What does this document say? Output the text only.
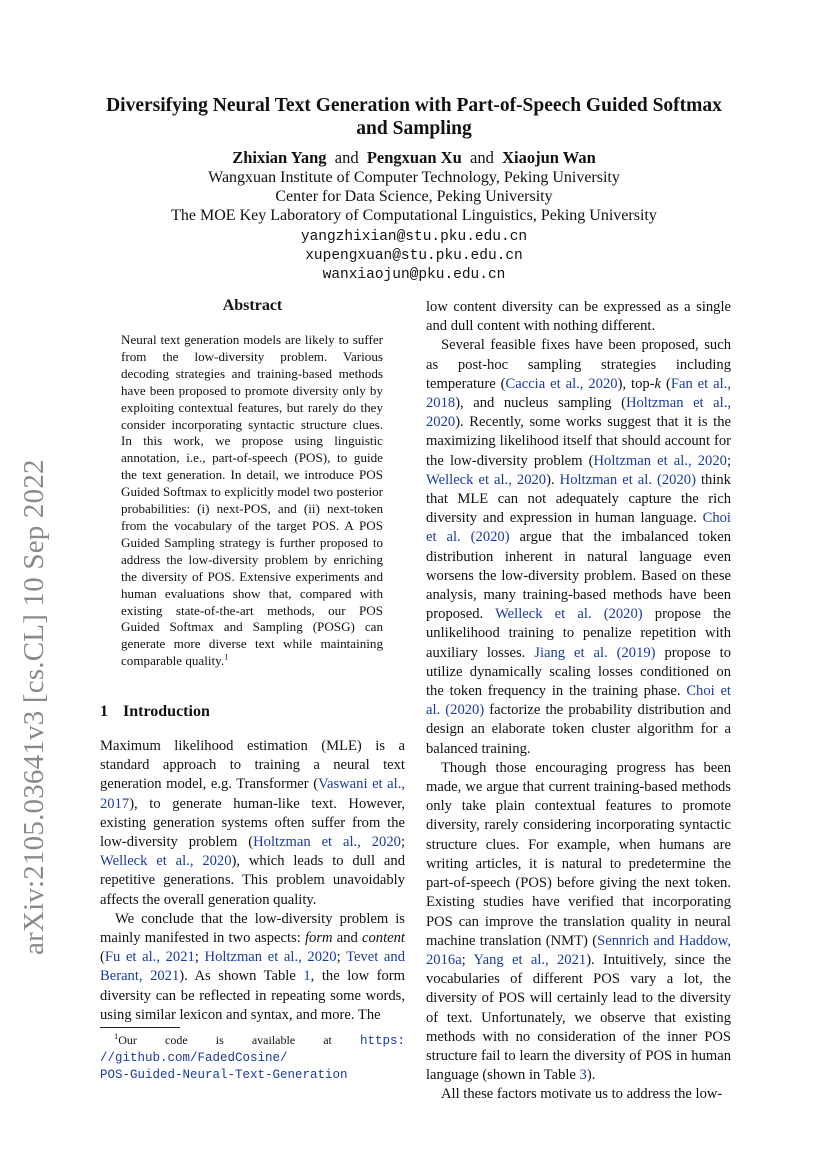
arXiv:2105.03641v3 [cs.CL] 10 Sep 2022
Diversifying Neural Text Generation with Part-of-Speech Guided Softmax
and Sampling
Zhixian Yang and Pengxuan Xu and Xiaojun Wan
Wangxuan Institute of Computer Technology, Peking University
Center for Data Science, Peking University
The MOE Key Laboratory of Computational Linguistics, Peking University
yangzhixian@stu.pku.edu.cn
xupengxuan@stu.pku.edu.cn
wanxiaojun@pku.edu.cn
Abstract
Neural text generation models are likely to suffer from the low-diversity problem. Various decoding strategies and training-based methods have been proposed to promote diversity only by exploiting contextual features, but rarely do they consider incorporating syntactic structure clues. In this work, we propose using linguistic annotation, i.e., part-of-speech (POS), to guide the text generation. In detail, we introduce POS Guided Softmax to explicitly model two posterior probabilities: (i) next-POS, and (ii) next-token from the vocabulary of the target POS. A POS Guided Sampling strategy is further proposed to address the low-diversity problem by enriching the diversity of POS. Extensive experiments and human evaluations show that, compared with existing state-of-the-art methods, our POS Guided Softmax and Sampling (POSG) can generate more diverse text while maintaining comparable quality.$^1$
1 Introduction

Maximum likelihood estimation (MLE) is a standard approach to training a neural text generation model, e.g. Transformer (Vaswani et al., 2017), to generate human-like text. However, existing generation systems often suffer from the low-diversity problem (Holtzman et al., 2020; Welleck et al., 2020), which leads to dull and repetitive generations. This problem unavoidably affects the overall generation quality.

We conclude that the low-diversity problem is mainly manifested in two aspects: form and content (Fu et al., 2021; Holtzman et al., 2020; Tevet and Berant, 2021). As shown Table 1, the low form diversity can be reflected in repeating some words, using similar lexicon and syntax, and more. The

low content diversity can be expressed as a single and dull content with nothing different.

Several feasible fixes have been proposed, such as post-hoc sampling strategies including temperature (Caccia et al., 2020), top-k (Fan et al., 2018), and nucleus sampling (Holtzman et al., 2020). Recently, some works suggest that it is the maximizing likelihood itself that should account for the low-diversity problem (Holtzman et al., 2020; Welleck et al., 2020). Holtzman et al. (2020) think that MLE can not adequately capture the rich diversity and expression in human language. Choi et al. (2020) argue that the imbalanced token distribution inherent in natural language even worsens the low-diversity problem. Based on these analysis, many training-based methods have been proposed. Welleck et al. (2020) propose the unlikelihood training to penalize repetition with auxiliary losses. Jiang et al. (2019) propose to utilize dynamically scaling losses conditioned on the token frequency in the training phase. Choi et al. (2020) factorize the probability distribution and design an elaborate token cluster algorithm for a balanced training.

Though those encouraging progress has been made, we argue that current training-based methods only take plain contextual features to promote diversity, rarely considering incorporating syntactic structure clues. For example, when humans are writing articles, it is natural to predetermine the part-of-speech (POS) before giving the next token. Existing studies have verified that incorporating POS can improve the translation quality in neural machine translation (NMT) (Sennrich and Haddow, 2016a; Yang et al., 2021). Intuitively, since the vocabularies of different POS vary a lot, the diversity of POS will certainly lead to the diversity of text. Unfortunately, we observe that existing methods with no consideration of the inner POS structure fail to learn the diversity of POS in human language (shown in Table 3).

All these factors motivate us to address the low-

$^1$Our code is available at https:
//github.com/FadedCosine/
POS-Guided-Neural-Text-Generation
